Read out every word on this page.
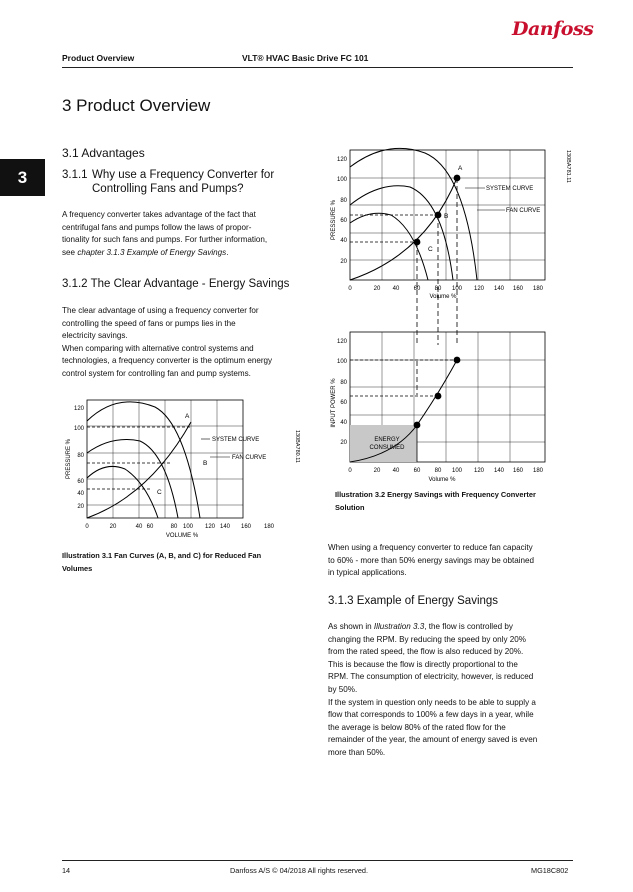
Danfoss
Product Overview	VLT® HVAC Basic Drive FC 101
3
3 Product Overview
3.1 Advantages
3.1.1 Why use a Frequency Converter for
Controlling Fans and Pumps?
A frequency converter takes advantage of the fact that
centrifugal fans and pumps follow the laws of propor-
tionality for such fans and pumps. For further information,
see chapter 3.1.3 Example of Energy Savings.
3.1.2 The Clear Advantage - Energy Savings
The clear advantage of using a frequency converter for
controlling the speed of fans or pumps lies in the
electricity savings.
When comparing with alternative control systems and
technologies, a frequency converter is the optimum energy
control system for controlling fan and pump systems.
A
B
C
SYSTEM CURVE
FAN CURVE
120
100
80
60
40
20
0	20	40 60	80 100 120 140 160 180
VOLUME %
PRESSURE %	130BA780.11
Illustration 3.1 Fan Curves (A, B, and C) for Reduced Fan
Volumes
A
B
C
SYSTEM CURVE
FAN CURVE
120
100
80
60
40
20
0	20 40 60 80 100 120 140 160 180
Volume %
PRESSURE %
130BA781.11
ENERGY
CONSUMED
120
100
80
60
40
20
0	20 40 60 80 100 120 140 160 180
Volume %
INPUT POWER %
Illustration 3.2 Energy Savings with Frequency Converter
Solution
When using a frequency converter to reduce fan capacity
to 60% - more than 50% energy savings may be obtained
in typical applications.
3.1.3 Example of Energy Savings
As shown in Illustration 3.3, the flow is controlled by
changing the RPM. By reducing the speed by only 20%
from the rated speed, the flow is also reduced by 20%.
This is because the flow is directly proportional to the
RPM. The consumption of electricity, however, is reduced
by 50%.
If the system in question only needs to be able to supply a
flow that corresponds to 100% a few days in a year, while
the average is below 80% of the rated flow for the
remainder of the year, the amount of energy saved is even
more than 50%.
14	Danfoss A/S © 04/2018 All rights reserved.	MG18C802
